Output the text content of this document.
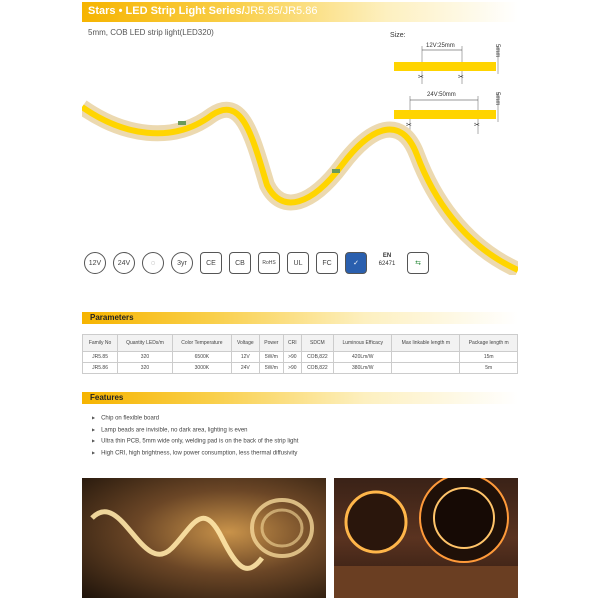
Stars • LED Strip Light Series/JR5.85/JR5.86
5mm, COB LED strip light(LED320)	Size:
12V:25mm
24V:50mm
5mm
5mm
✂	✂
✂	✂
12V	24V	◌	3yr	CE	CB	RoHS	UL	FC	✓
EN
62471	⇆
Parameters
Family No	Quantity LEDs/m	Color Temperature	Voltage	Power	CRI	SDCM	Luminous Efficacy	Max linkable length m	Package length m
JR5.85	320	6500K	12V	5W/m	>90	COB,822	420Lm/W		15m
JR5.86	320	3000K	24V	5W/m	>90	COB,822	380Lm/W		5m
Features
▶ Chip on flexible board
▶ Lamp beads are invisible, no dark area, lighting is even
▶ Ultra thin PCB, 5mm wide only, welding pad is on the back of the strip light
▶ High CRI, high brightness, low power consumption, less thermal diffusivity
